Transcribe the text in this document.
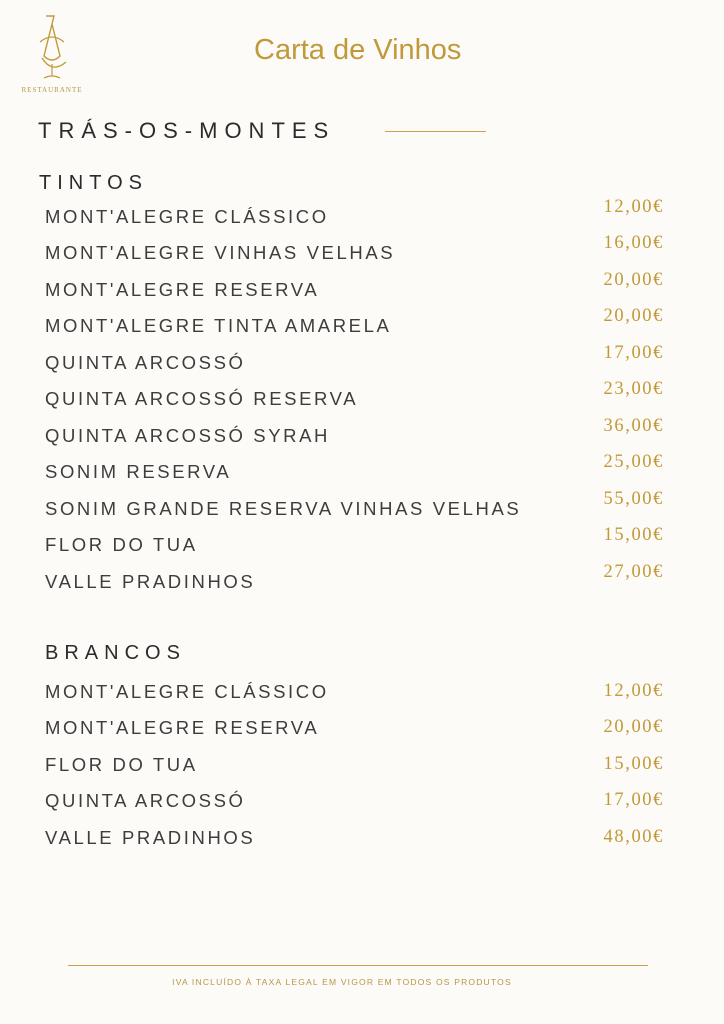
RESTAURANTE
Carta de Vinhos
TRÁS-OS-MONTES
TINTOS
MONT'ALEGRE CLÁSSICO	12,00€
MONT'ALEGRE VINHAS VELHAS	16,00€
MONT'ALEGRE RESERVA	20,00€
MONT'ALEGRE TINTA AMARELA	20,00€
QUINTA ARCOSSÓ	17,00€
QUINTA ARCOSSÓ RESERVA	23,00€
QUINTA ARCOSSÓ SYRAH	36,00€
SONIM RESERVA	25,00€
SONIM GRANDE RESERVA VINHAS VELHAS	55,00€
FLOR DO TUA	15,00€
VALLE PRADINHOS	27,00€
BRANCOS
MONT'ALEGRE CLÁSSICO	12,00€
MONT'ALEGRE RESERVA	20,00€
FLOR DO TUA	15,00€
QUINTA ARCOSSÓ	17,00€
VALLE PRADINHOS	48,00€
IVA INCLUÍDO À TAXA LEGAL EM VIGOR EM TODOS OS PRODUTOS
